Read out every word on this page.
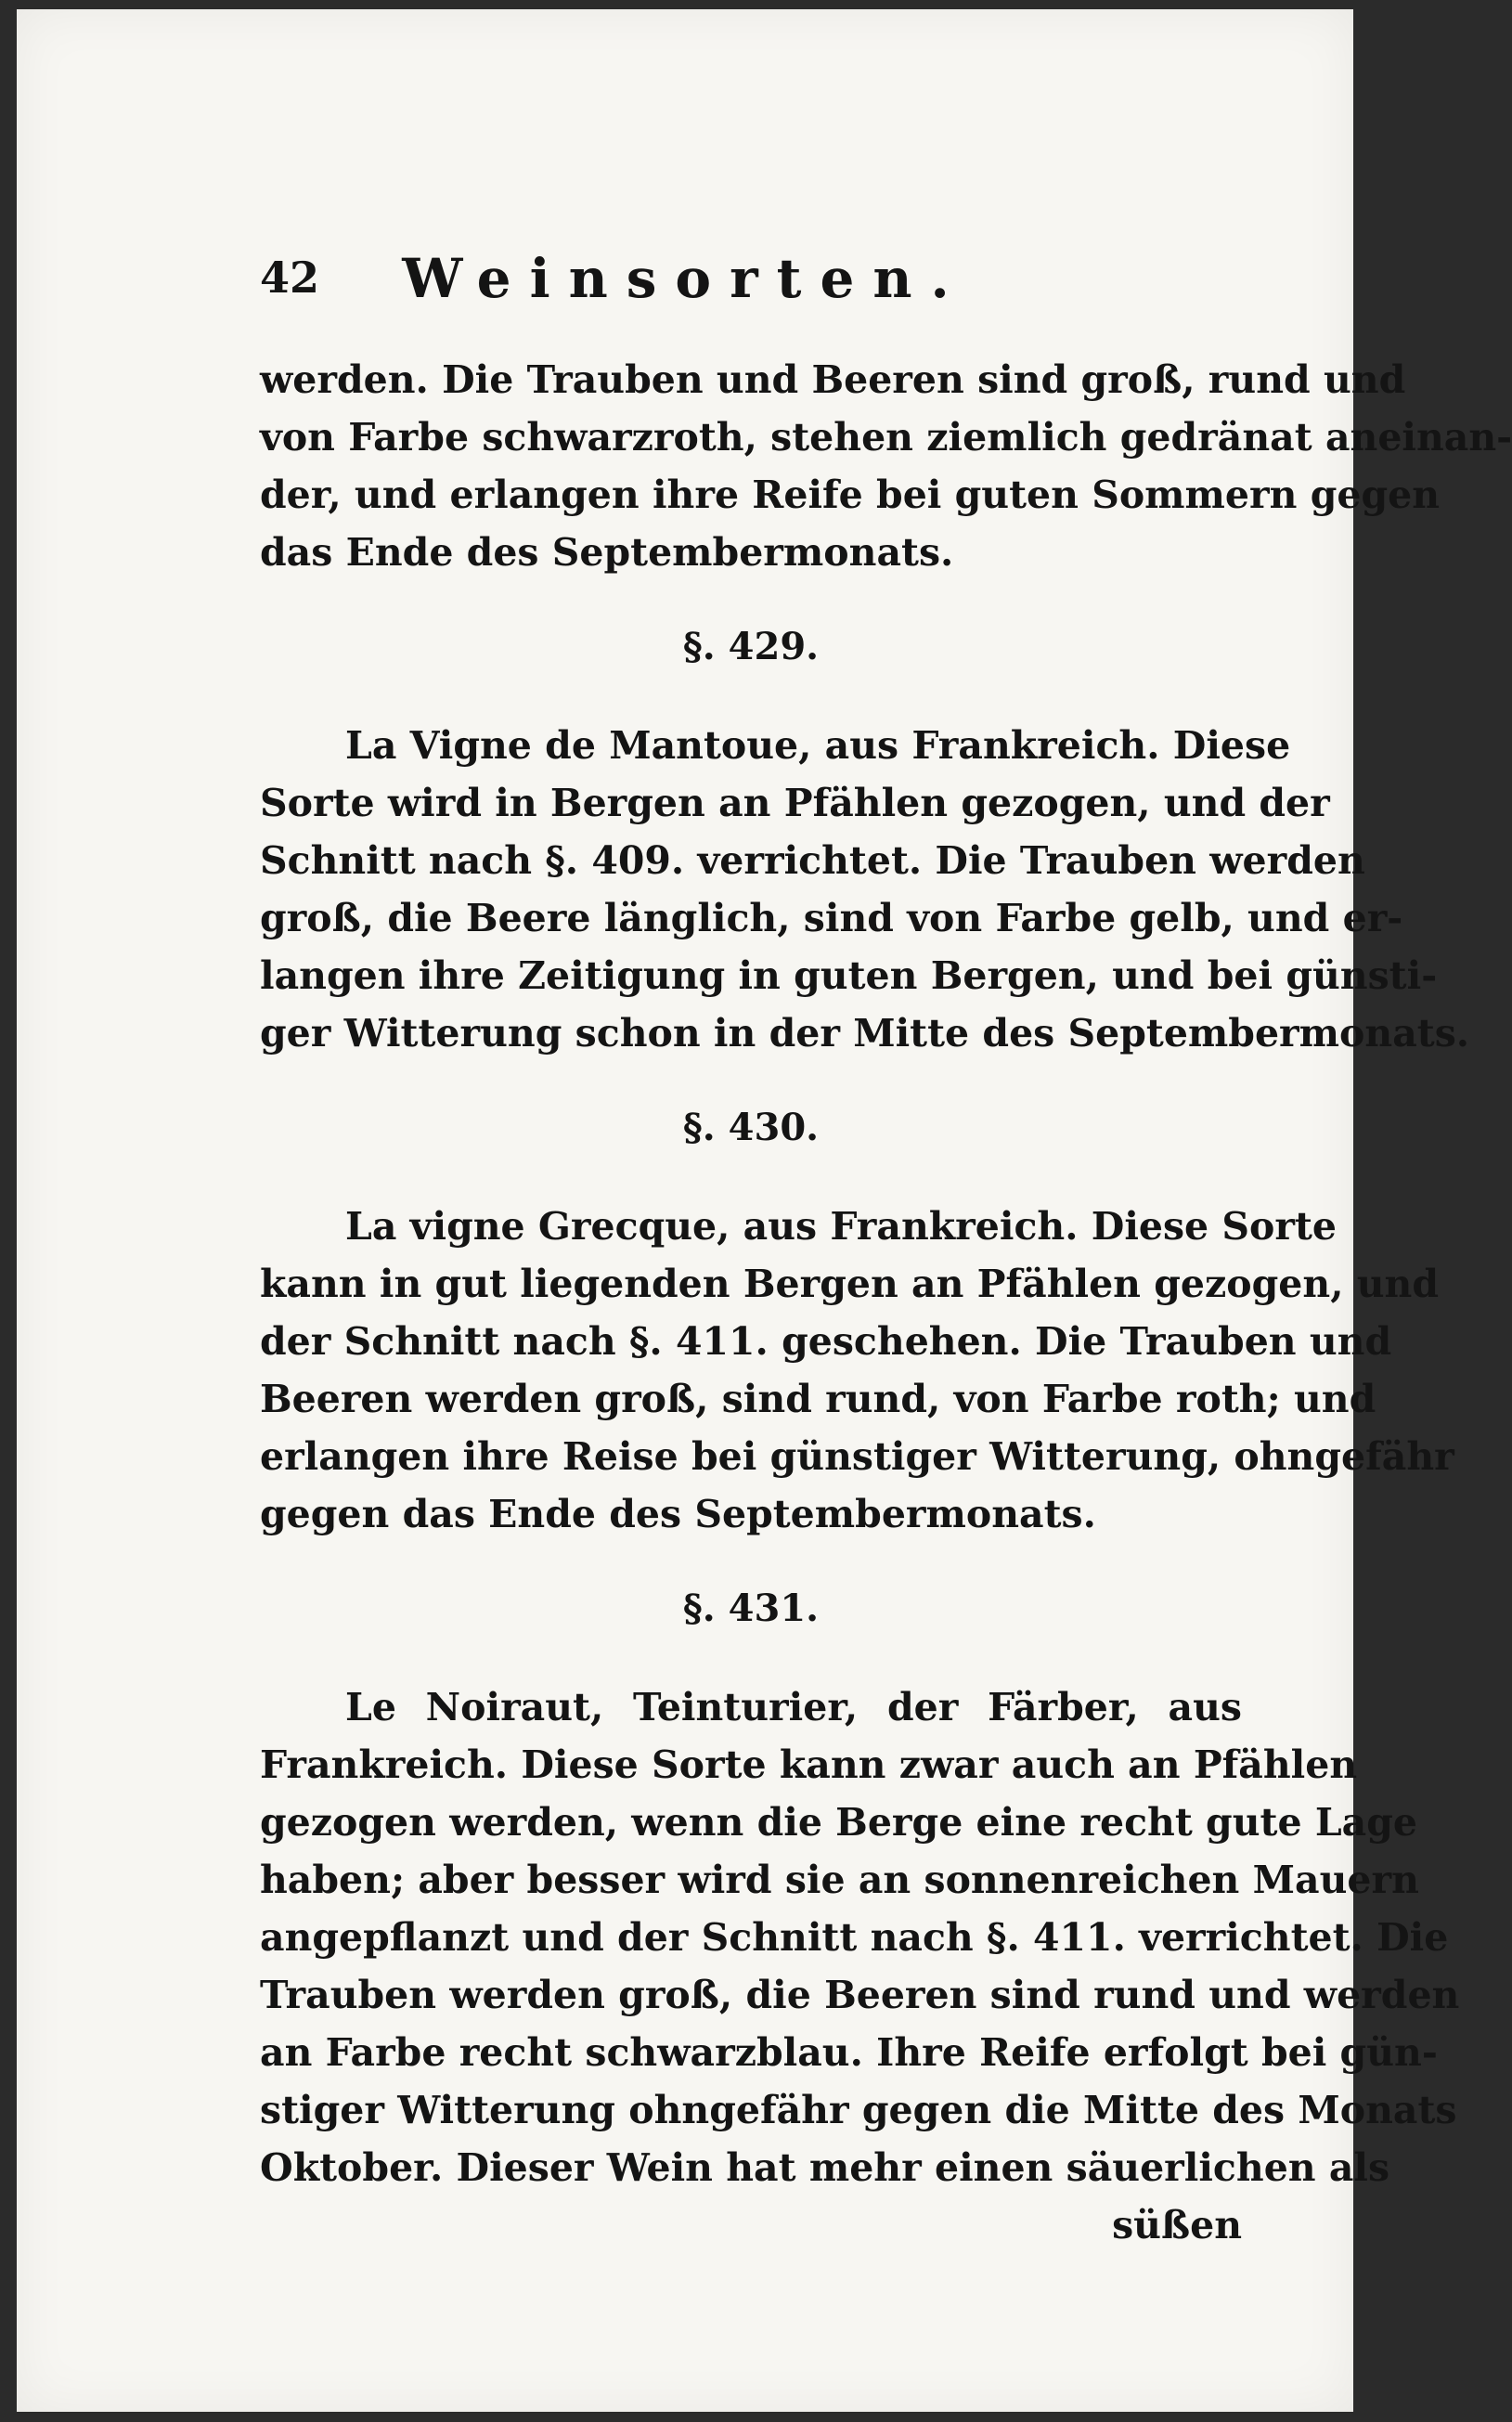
42	Weinsorten.
werden. Die Trauben und Beeren sind groß, rund und
von Farbe schwarzroth, stehen ziemlich gedränat aneinan-
der, und erlangen ihre Reife bei guten Sommern gegen
das Ende des Septembermonats.
§. 429.
La Vigne de Mantoue, aus Frankreich. Diese
Sorte wird in Bergen an Pfählen gezogen, und der
Schnitt nach §. 409. verrichtet. Die Trauben werden
groß, die Beere länglich, sind von Farbe gelb, und er-
langen ihre Zeitigung in guten Bergen, und bei günsti-
ger Witterung schon in der Mitte des Septembermonats.
§. 430.
La vigne Grecque, aus Frankreich. Diese Sorte
kann in gut liegenden Bergen an Pfählen gezogen, und
der Schnitt nach §. 411. geschehen. Die Trauben und
Beeren werden groß, sind rund, von Farbe roth; und
erlangen ihre Reise bei günstiger Witterung, ohngefähr
gegen das Ende des Septembermonats.
§. 431.
Le Noiraut, Teinturier, der Färber, aus
Frankreich. Diese Sorte kann zwar auch an Pfählen
gezogen werden, wenn die Berge eine recht gute Lage
haben; aber besser wird sie an sonnenreichen Mauern
angepflanzt und der Schnitt nach §. 411. verrichtet. Die
Trauben werden groß, die Beeren sind rund und werden
an Farbe recht schwarzblau. Ihre Reife erfolgt bei gün-
stiger Witterung ohngefähr gegen die Mitte des Monats
Oktober. Dieser Wein hat mehr einen säuerlichen als
süßen
